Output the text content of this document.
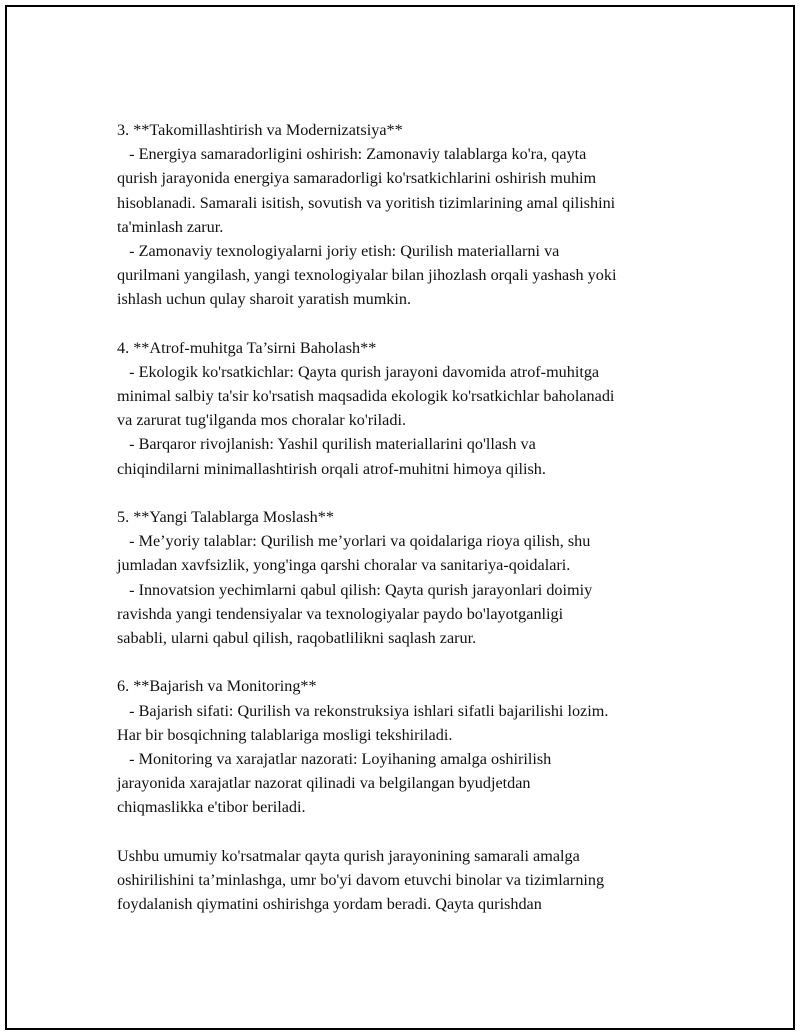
3. **Takomillashtirish va Modernizatsiya**
- Energiya samaradorligini oshirish: Zamonaviy talablarga ko'ra, qayta
qurish jarayonida energiya samaradorligi ko'rsatkichlarini oshirish muhim
hisoblanadi. Samarali isitish, sovutish va yoritish tizimlarining amal qilishini
ta'minlash zarur.
- Zamonaviy texnologiyalarni joriy etish: Qurilish materiallarni va
qurilmani yangilash, yangi texnologiyalar bilan jihozlash orqali yashash yoki
ishlash uchun qulay sharoit yaratish mumkin.
4. **Atrof-muhitga Ta’sirni Baholash**
- Ekologik ko'rsatkichlar: Qayta qurish jarayoni davomida atrof-muhitga
minimal salbiy ta'sir ko'rsatish maqsadida ekologik ko'rsatkichlar baholanadi
va zarurat tug'ilganda mos choralar ko'riladi.
- Barqaror rivojlanish: Yashil qurilish materiallarini qo'llash va
chiqindilarni minimallashtirish orqali atrof-muhitni himoya qilish.
5. **Yangi Talablarga Moslash**
- Me’yoriy talablar: Qurilish me’yorlari va qoidalariga rioya qilish, shu
jumladan xavfsizlik, yong'inga qarshi choralar va sanitariya-qoidalari.
- Innovatsion yechimlarni qabul qilish: Qayta qurish jarayonlari doimiy
ravishda yangi tendensiyalar va texnologiyalar paydo bo'layotganligi
sababli, ularni qabul qilish, raqobatlilikni saqlash zarur.
6. **Bajarish va Monitoring**
- Bajarish sifati: Qurilish va rekonstruksiya ishlari sifatli bajarilishi lozim.
Har bir bosqichning talablariga mosligi tekshiriladi.
- Monitoring va xarajatlar nazorati: Loyihaning amalga oshirilish
jarayonida xarajatlar nazorat qilinadi va belgilangan byudjetdan
chiqmaslikka e'tibor beriladi.
Ushbu umumiy ko'rsatmalar qayta qurish jarayonining samarali amalga
oshirilishini ta’minlashga, umr bo'yi davom etuvchi binolar va tizimlarning
foydalanish qiymatini oshirishga yordam beradi. Qayta qurishdan
